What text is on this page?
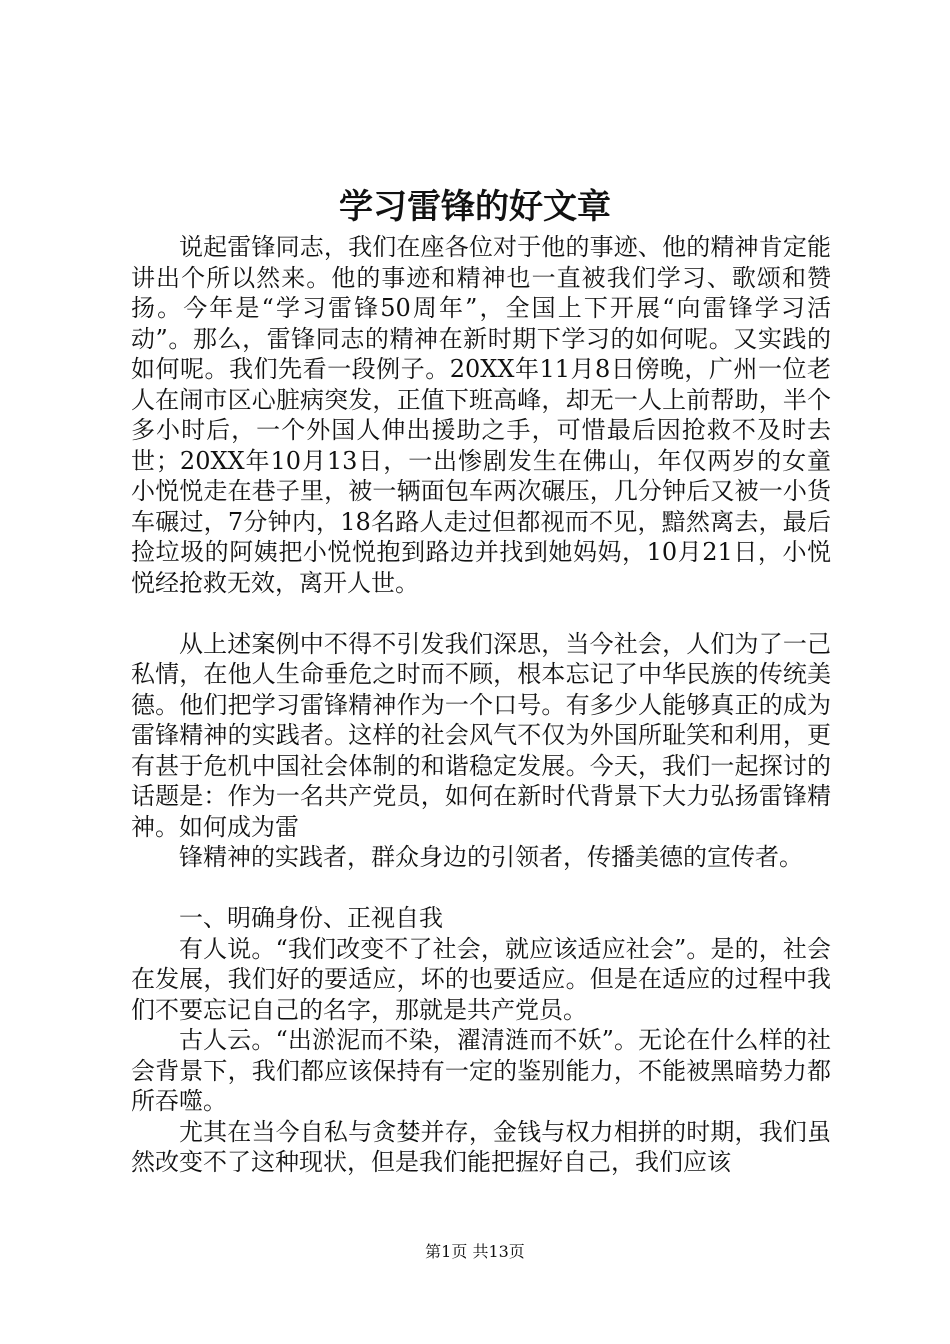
学习雷锋的好文章

说起雷锋同志，我们在座各位对于他的事迹、他的精神肯定能讲出个所以然来。他的事迹和精神也一直被我们学习、歌颂和赞扬。今年是“学习雷锋50周年”，全国上下开展“向雷锋学习活动”。那么，雷锋同志的精神在新时期下学习的如何呢。又实践的如何呢。我们先看一段例子。20XX年11月8日傍晚，广州一位老人在闹市区心脏病突发，正值下班高峰，却无一人上前帮助，半个多小时后，一个外国人伸出援助之手，可惜最后因抢救不及时去世；20XX年10月13日，一出惨剧发生在佛山，年仅两岁的女童小悦悦走在巷子里，被一辆面包车两次碾压，几分钟后又被一小货车碾过，7分钟内，18名路人走过但都视而不见，黯然离去，最后捡垃圾的阿姨把小悦悦抱到路边并找到她妈妈，10月21日，小悦悦经抢救无效，离开人世。

从上述案例中不得不引发我们深思，当今社会，人们为了一己私情，在他人生命垂危之时而不顾，根本忘记了中华民族的传统美德。他们把学习雷锋精神作为一个口号。有多少人能够真正的成为雷锋精神的实践者。这样的社会风气不仅为外国所耻笑和利用，更有甚于危机中国社会体制的和谐稳定发展。今天，我们一起探讨的话题是：作为一名共产党员，如何在新时代背景下大力弘扬雷锋精神。如何成为雷

锋精神的实践者，群众身边的引领者，传播美德的宣传者。

一、明确身份、正视自我

有人说。“我们改变不了社会，就应该适应社会”。是的，社会在发展，我们好的要适应，坏的也要适应。但是在适应的过程中我们不要忘记自己的名字，那就是共产党员。

古人云。“出淤泥而不染，濯清涟而不妖”。无论在什么样的社会背景下，我们都应该保持有一定的鉴别能力，不能被黑暗势力都所吞噬。

尤其在当今自私与贪婪并存，金钱与权力相拼的时期，我们虽然改变不了这种现状，但是我们能把握好自己，我们应该

第1页 共13页
